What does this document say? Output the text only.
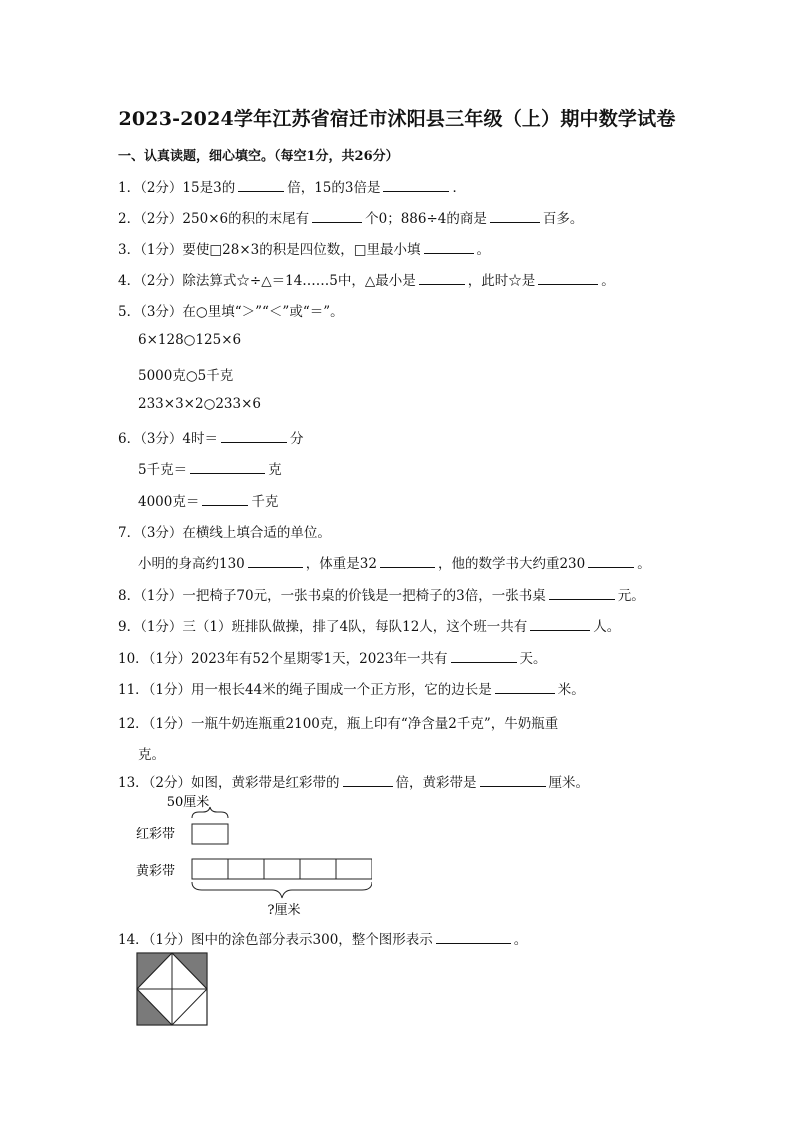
2023-2024学年江苏省宿迁市沭阳县三年级（上）期中数学试卷
一、认真读题，细心填空。（每空1分，共26分）
1．（2分）15是3的	倍，15的3倍是	．
2．（2分）250×6的积的末尾有	个0；886÷4的商是	百多。
3．（1分）要使□28×3的积是四位数，□里最小填	。
4．（2分）除法算式☆÷△＝14……5中，△最小是	，此时☆是	。
5．（3分）在○里填“＞”“＜”或“＝”。
6×128○125×6
5000克○5千克
233×3×2○233×6
6．（3分）4时＝	分
5千克＝	克
4000克＝	千克
7．（3分）在横线上填合适的单位。
小明的身高约130	，体重是32	，他的数学书大约重230	。
8．（1分）一把椅子70元，一张书桌的价钱是一把椅子的3倍，一张书桌	元。
9．（1分）三（1）班排队做操，排了4队，每队12人，这个班一共有	人。
10．（1分）2023年有52个星期零1天，2023年一共有	天。
11．（1分）用一根长44米的绳子围成一个正方形，它的边长是	米。
12．（1分）一瓶牛奶连瓶重2100克，瓶上印有“净含量2千克”，牛奶瓶重
克。
13．（2分）如图，黄彩带是红彩带的	倍，黄彩带是	厘米。
50厘米
红彩带
黄彩带
?厘米
14．（1分）图中的涂色部分表示300，整个图形表示	。
